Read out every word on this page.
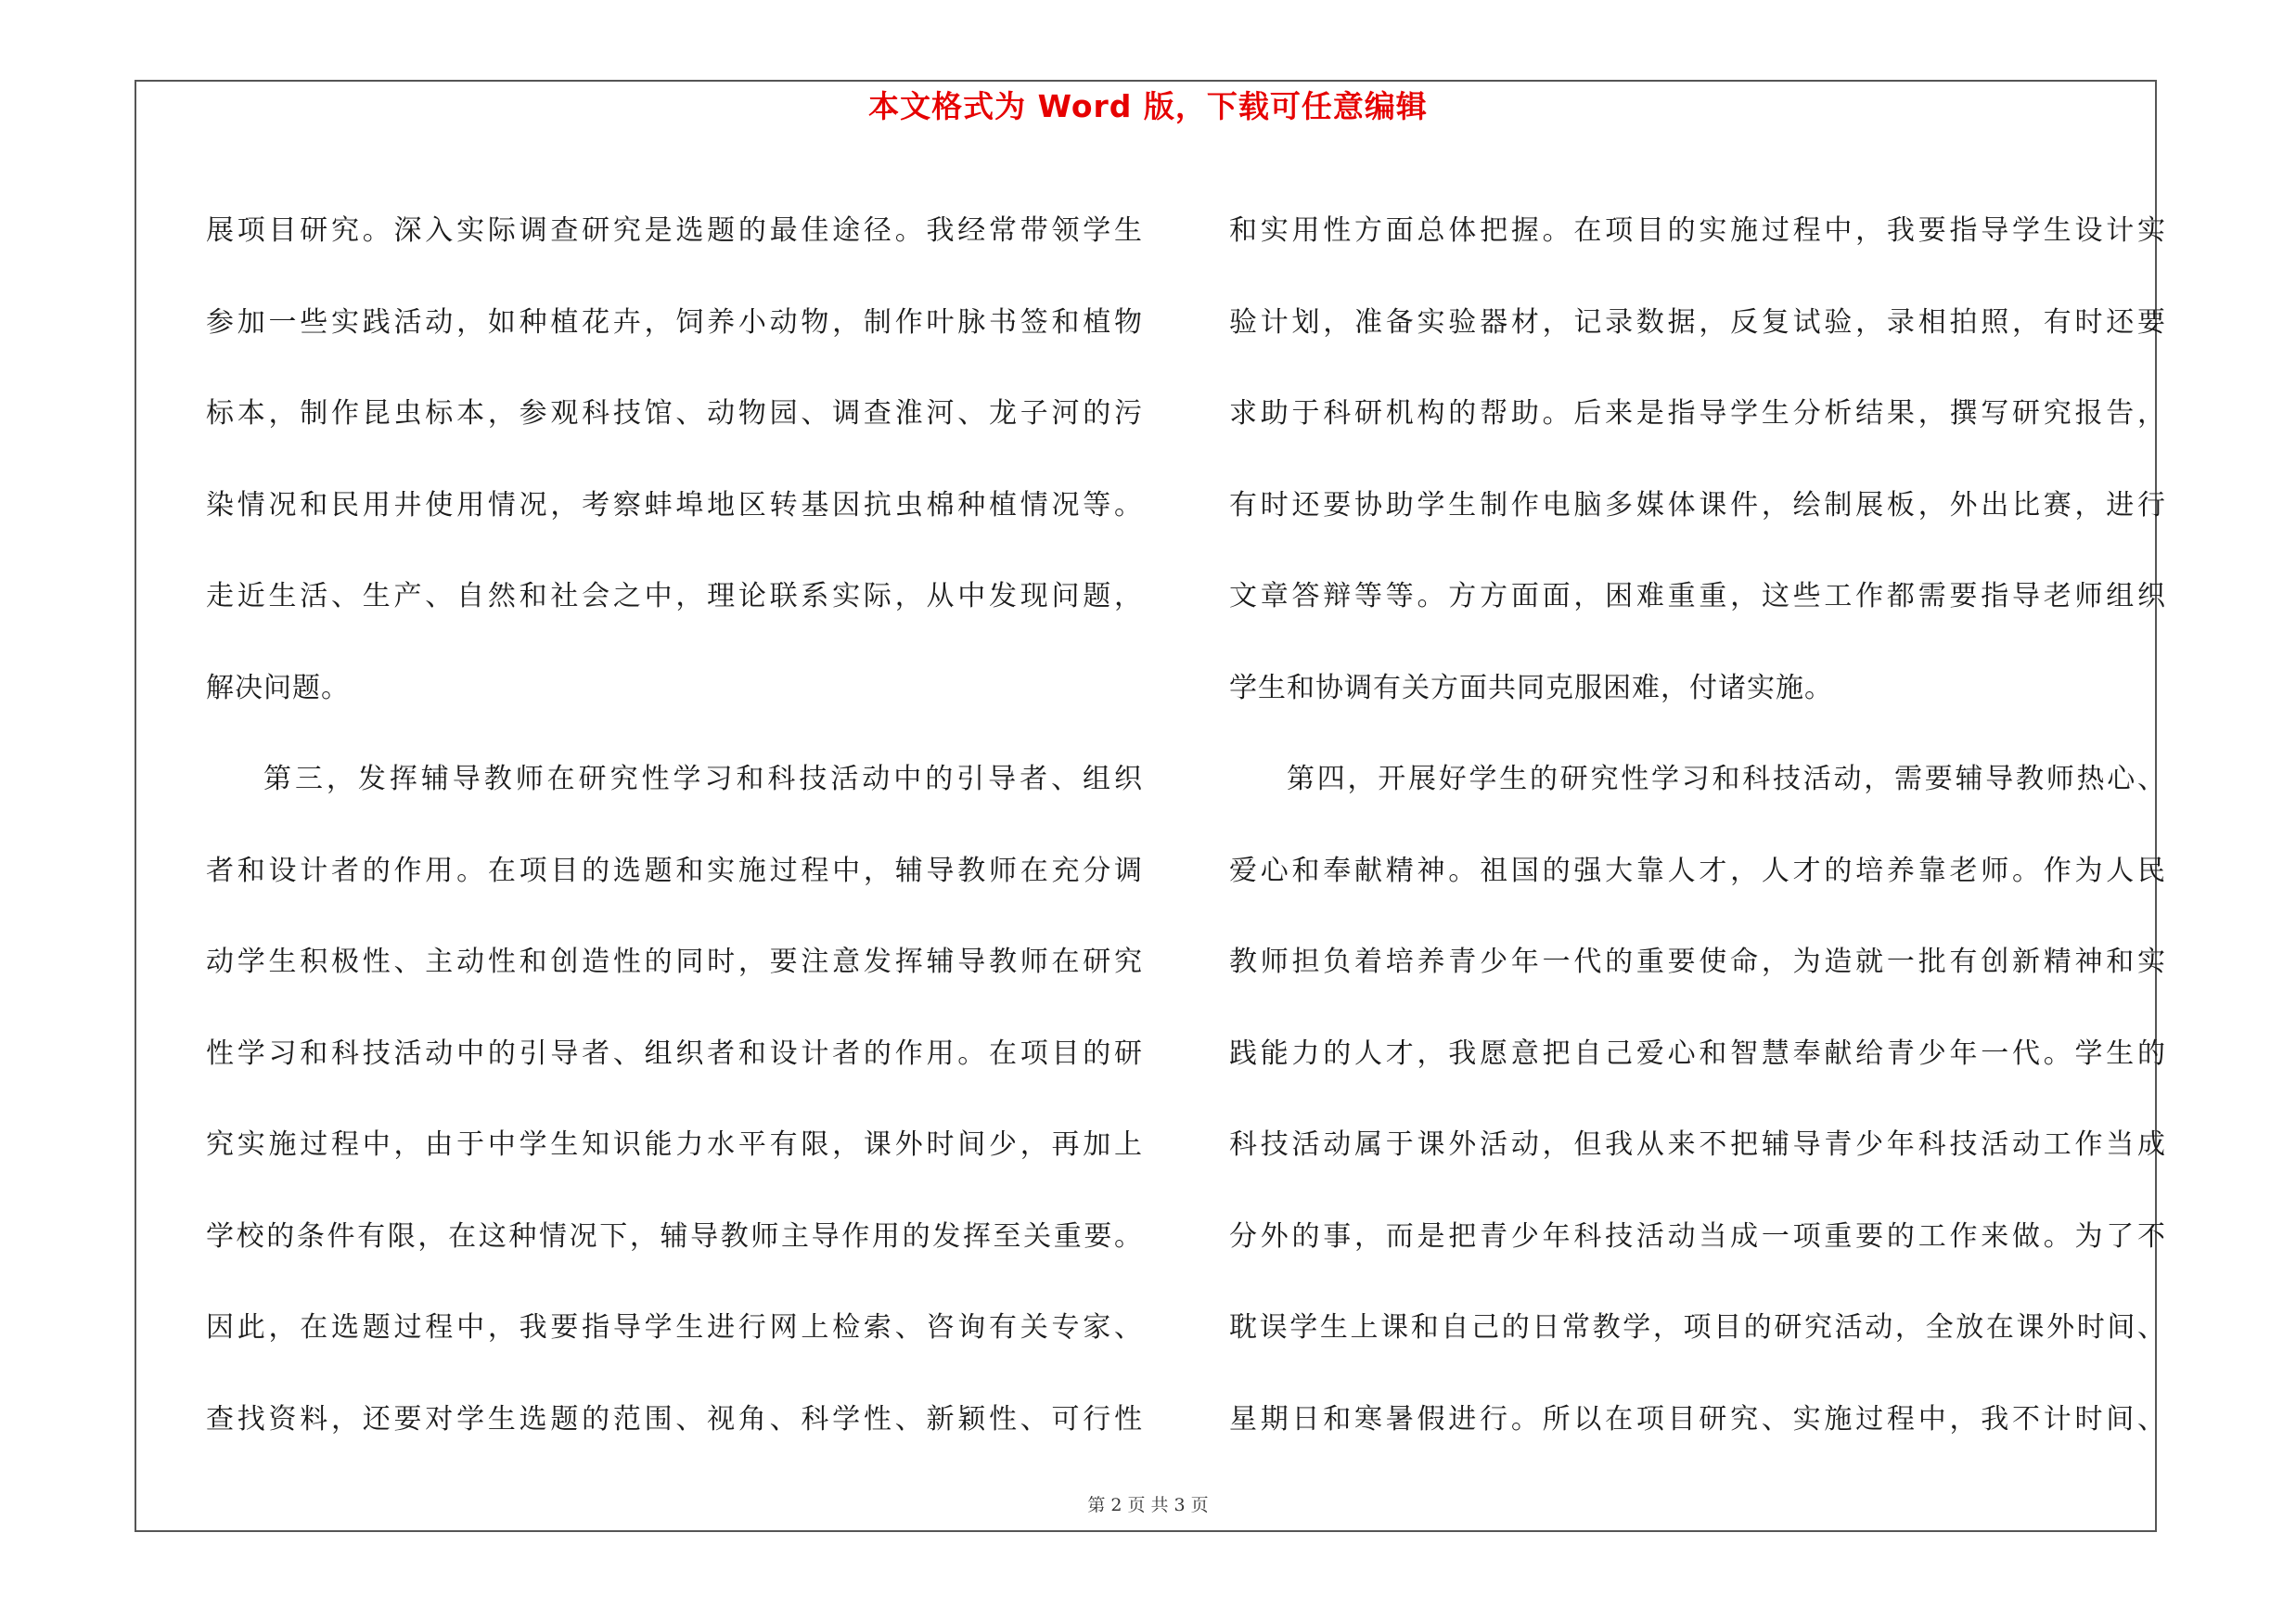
本文格式为 Word 版，下载可任意编辑
展项目研究。深入实际调查研究是选题的最佳途径。我经常带领学生
参加一些实践活动，如种植花卉，饲养小动物，制作叶脉书签和植物
标本，制作昆虫标本，参观科技馆、动物园、调查淮河、龙子河的污
染情况和民用井使用情况，考察蚌埠地区转基因抗虫棉种植情况等。
走近生活、生产、自然和社会之中，理论联系实际，从中发现问题，
解决问题。
第三，发挥辅导教师在研究性学习和科技活动中的引导者、组织
者和设计者的作用。在项目的选题和实施过程中，辅导教师在充分调
动学生积极性、主动性和创造性的同时，要注意发挥辅导教师在研究
性学习和科技活动中的引导者、组织者和设计者的作用。在项目的研
究实施过程中，由于中学生知识能力水平有限，课外时间少，再加上
学校的条件有限，在这种情况下，辅导教师主导作用的发挥至关重要。
因此，在选题过程中，我要指导学生进行网上检索、咨询有关专家、
查找资料，还要对学生选题的范围、视角、科学性、新颖性、可行性
和实用性方面总体把握。在项目的实施过程中，我要指导学生设计实
验计划，准备实验器材，记录数据，反复试验，录相拍照，有时还要
求助于科研机构的帮助。后来是指导学生分析结果，撰写研究报告，
有时还要协助学生制作电脑多媒体课件，绘制展板，外出比赛，进行
文章答辩等等。方方面面，困难重重，这些工作都需要指导老师组织
学生和协调有关方面共同克服困难，付诸实施。
第四，开展好学生的研究性学习和科技活动，需要辅导教师热心、
爱心和奉献精神。祖国的强大靠人才，人才的培养靠老师。作为人民
教师担负着培养青少年一代的重要使命，为造就一批有创新精神和实
践能力的人才，我愿意把自己爱心和智慧奉献给青少年一代。学生的
科技活动属于课外活动，但我从来不把辅导青少年科技活动工作当成
分外的事，而是把青少年科技活动当成一项重要的工作来做。为了不
耽误学生上课和自己的日常教学，项目的研究活动，全放在课外时间、
星期日和寒暑假进行。所以在项目研究、实施过程中，我不计时间、
第 2 页 共 3 页
